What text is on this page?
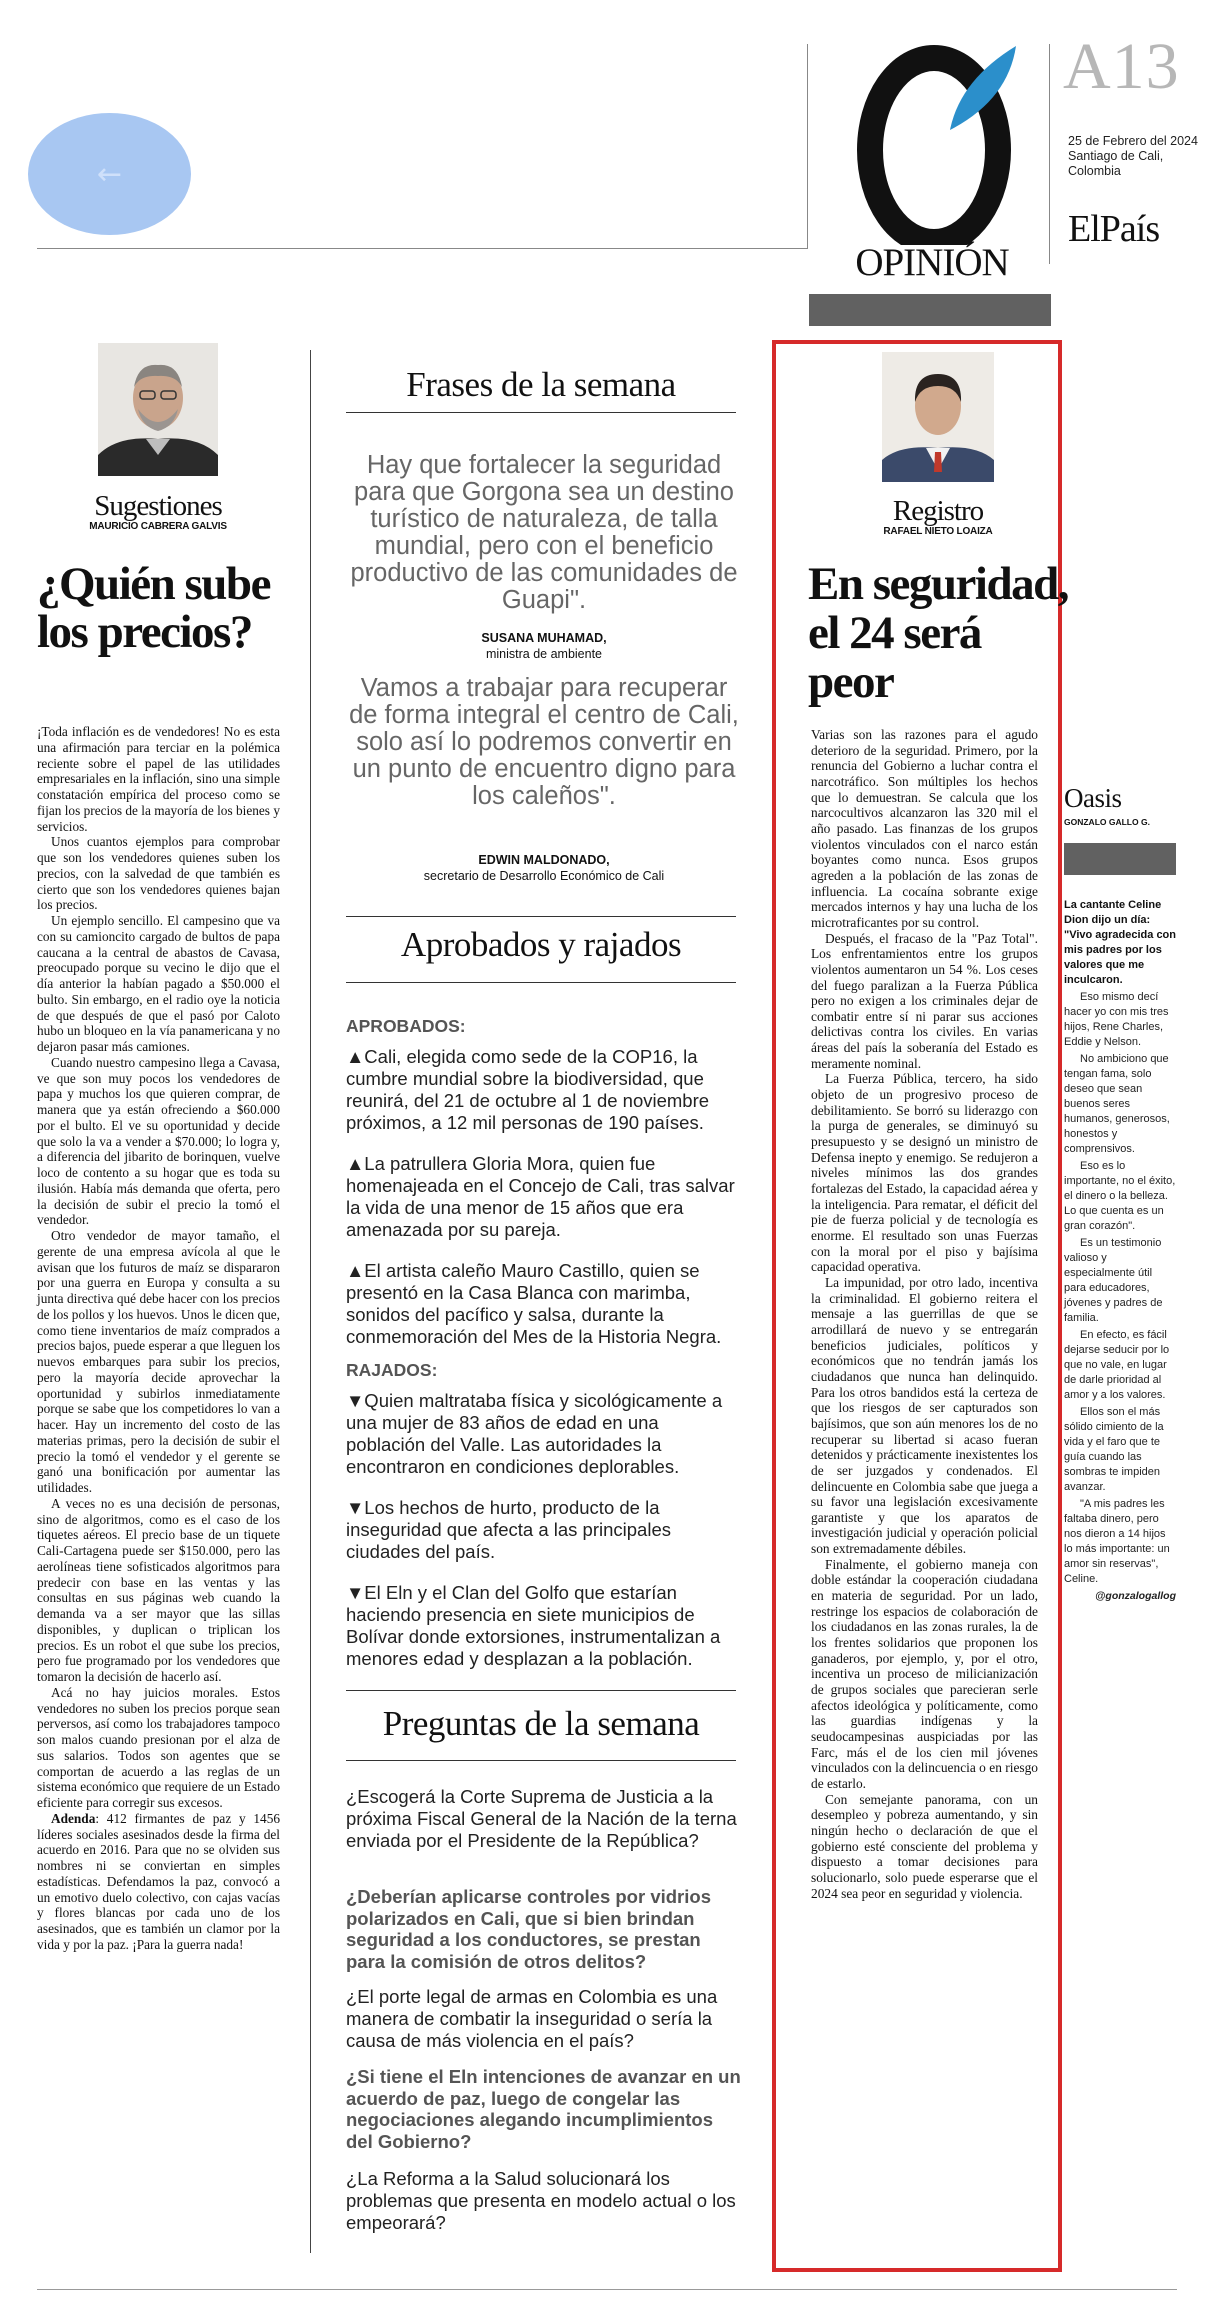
←
OPINIÓN
A13
25 de Febrero del 2024 Santiago de Cali, Colombia
ElPaís
Sugestiones
MAURICIO CABRERA GALVIS
¿Quién sube los precios?

¡Toda inflación es de vendedores! No es esta una afirmación para terciar en la polémica reciente sobre el papel de las utilidades empresariales en la inflación, sino una simple constatación empírica del proceso como se fijan los precios de la mayoría de los bienes y servicios.

Unos cuantos ejemplos para comprobar que son los vendedores quienes suben los precios, con la salvedad de que también es cierto que son los vendedores quienes bajan los precios.

Un ejemplo sencillo. El campesino que va con su camioncito cargado de bultos de papa caucana a la central de abastos de Cavasa, preocupado porque su vecino le dijo que el día anterior la habían pagado a $50.000 el bulto. Sin embargo, en el radio oye la noticia de que después de que el pasó por Caloto hubo un bloqueo en la vía panamericana y no dejaron pasar más camiones.

Cuando nuestro campesino llega a Cavasa, ve que son muy pocos los vendedores de papa y muchos los que quieren comprar, de manera que ya están ofreciendo a $60.000 por el bulto. El ve su oportunidad y decide que solo la va a vender a $70.000; lo logra y, a diferencia del jibarito de borinquen, vuelve loco de contento a su hogar que es toda su ilusión. Había más demanda que oferta, pero la decisión de subir el precio la tomó el vendedor.

Otro vendedor de mayor tamaño, el gerente de una empresa avícola al que le avisan que los futuros de maíz se dispararon por una guerra en Europa y consulta a su junta directiva qué debe hacer con los precios de los pollos y los huevos. Unos le dicen que, como tiene inventarios de maíz comprados a precios bajos, puede esperar a que lleguen los nuevos embarques para subir los precios, pero la mayoría decide aprovechar la oportunidad y subirlos inmediatamente porque se sabe que los competidores lo van a hacer. Hay un incremento del costo de las materias primas, pero la decisión de subir el precio la tomó el vendedor y el gerente se ganó una bonificación por aumentar las utilidades.

A veces no es una decisión de personas, sino de algoritmos, como es el caso de los tiquetes aéreos. El precio base de un tiquete Cali-Cartagena puede ser $150.000, pero las aerolíneas tiene sofisticados algoritmos para predecir con base en las ventas y las consultas en sus páginas web cuando la demanda va a ser mayor que las sillas disponibles, y duplican o triplican los precios. Es un robot el que sube los precios, pero fue programado por los vendedores que tomaron la decisión de hacerlo así.

Acá no hay juicios morales. Estos vendedores no suben los precios porque sean perversos, así como los trabajadores tampoco son malos cuando presionan por el alza de sus salarios. Todos son agentes que se comportan de acuerdo a las reglas de un sistema económico que requiere de un Estado eficiente para corregir sus excesos.

Adenda: 412 firmantes de paz y 1456 líderes sociales asesinados desde la firma del acuerdo en 2016. Para que no se olviden sus nombres ni se conviertan en simples estadísticas. Defendamos la paz, convocó a un emotivo duelo colectivo, con cajas vacías y flores blancas por cada uno de los asesinados, que es también un clamor por la vida y por la paz. ¡Para la guerra nada!

Frases de la semana
Hay que fortalecer la seguridad para que Gorgona sea un destino turístico de naturaleza, de talla mundial, pero con el beneficio productivo de las comunidades de Guapi".
SUSANA MUHAMAD,
ministra de ambiente
Vamos a trabajar para recuperar de forma integral el centro de Cali, solo así lo podremos convertir en un punto de encuentro digno para los caleños".
EDWIN MALDONADO,
secretario de Desarrollo Económico de Cali
Aprobados y rajados
APROBADOS:
▲Cali, elegida como sede de la COP16, la cumbre mundial sobre la biodiversidad, que reunirá, del 21 de octubre al 1 de noviembre próximos, a 12 mil personas de 190 países.
▲La patrullera Gloria Mora, quien fue homenajeada en el Concejo de Cali, tras salvar la vida de una menor de 15 años que era amenazada por su pareja.
▲El artista caleño Mauro Castillo, quien se presentó en la Casa Blanca con marimba, sonidos del pacífico y salsa, durante la conmemoración del Mes de la Historia Negra.
RAJADOS:
▼Quien maltrataba física y sicológicamente a una mujer de 83 años de edad en una población del Valle. Las autoridades la encontraron en condiciones deplorables.
▼Los hechos de hurto, producto de la inseguridad que afecta a las principales ciudades del país.
▼El Eln y el Clan del Golfo que estarían haciendo presencia en siete municipios de Bolívar donde extorsiones, instrumentalizan a menores edad y desplazan a la población.
Preguntas de la semana
¿Escogerá la Corte Suprema de Justicia a la próxima Fiscal General de la Nación de la terna enviada por el Presidente de la República?
¿Deberían aplicarse controles por vidrios polarizados en Cali, que si bien brindan seguridad a los conductores, se prestan para la comisión de otros delitos?
¿El porte legal de armas en Colombia es una manera de combatir la inseguridad o sería la causa de más violencia en el país?
¿Si tiene el Eln intenciones de avanzar en un acuerdo de paz, luego de congelar las negociaciones alegando incumplimientos del Gobierno?
¿La Reforma a la Salud solucionará los problemas que presenta en modelo actual o los empeorará?
Registro
RAFAEL NIETO LOAIZA
En seguridad, el 24 será peor

Varias son las razones para el agudo deterioro de la seguridad. Primero, por la renuncia del Gobierno a luchar contra el narcotráfico. Son múltiples los hechos que lo demuestran. Se calcula que los narcocultivos alcanzaron las 320 mil el año pasado. Las finanzas de los grupos violentos vinculados con el narco están boyantes como nunca. Esos grupos agreden a la población de las zonas de influencia. La cocaína sobrante exige mercados internos y hay una lucha de los microtraficantes por su control.

Después, el fracaso de la "Paz Total". Los enfrentamientos entre los grupos violentos aumentaron un 54 %. Los ceses del fuego paralizan a la Fuerza Pública pero no exigen a los criminales dejar de combatir entre sí ni parar sus acciones delictivas contra los civiles. En varias áreas del país la soberanía del Estado es meramente nominal.

La Fuerza Pública, tercero, ha sido objeto de un progresivo proceso de debilitamiento. Se borró su liderazgo con la purga de generales, se diminuyó su presupuesto y se designó un ministro de Defensa inepto y enemigo. Se redujeron a niveles mínimos las dos grandes fortalezas del Estado, la capacidad aérea y la inteligencia. Para rematar, el déficit del pie de fuerza policial y de tecnología es enorme. El resultado son unas Fuerzas con la moral por el piso y bajísima capacidad operativa.

La impunidad, por otro lado, incentiva la criminalidad. El gobierno reitera el mensaje a las guerrillas de que se arrodillará de nuevo y se entregarán beneficios judiciales, políticos y económicos que no tendrán jamás los ciudadanos que nunca han delinquido. Para los otros bandidos está la certeza de que los riesgos de ser capturados son bajísimos, que son aún menores los de no recuperar su libertad si acaso fueran detenidos y prácticamente inexistentes los de ser juzgados y condenados. El delincuente en Colombia sabe que juega a su favor una legislación excesivamente garantiste y que los aparatos de investigación judicial y operación policial son extremadamente débiles.

Finalmente, el gobierno maneja con doble estándar la cooperación ciudadana en materia de seguridad. Por un lado, restringe los espacios de colaboración de los ciudadanos en las zonas rurales, la de los frentes solidarios que proponen los ganaderos, por ejemplo, y, por el otro, incentiva un proceso de milicianización de grupos sociales que parecieran serle afectos ideológica y políticamente, como las guardias indígenas y la seudocampesinas auspiciadas por las Farc, más el de los cien mil jóvenes vinculados con la delincuencia o en riesgo de estarlo.

Con semejante panorama, con un desempleo y pobreza aumentando, y sin ningún hecho o declaración de que el gobierno esté consciente del problema y dispuesto a tomar decisiones para solucionarlo, solo puede esperarse que el 2024 sea peor en seguridad y violencia.

Oasis
GONZALO GALLO G.

La cantante Celine Dion dijo un día: "Vivo agradecida con mis padres por los valores que me inculcaron.

Eso mismo decí hacer yo con mis tres hijos, Rene Charles, Eddie y Nelson.

No ambiciono que tengan fama, solo deseo que sean buenos seres humanos, generosos, honestos y comprensivos.

Eso es lo importante, no el éxito, el dinero o la belleza. Lo que cuenta es un gran corazón".

Es un testimonio valioso y especialmente útil para educadores, jóvenes y padres de familia.

En efecto, es fácil dejarse seducir por lo que no vale, en lugar de darle prioridad al amor y a los valores.

Ellos son el más sólido cimiento de la vida y el faro que te guía cuando las sombras te impiden avanzar.

"A mis padres les faltaba dinero, pero nos dieron a 14 hijos lo más importante: un amor sin reservas", Celine.

@gonzalogallog
